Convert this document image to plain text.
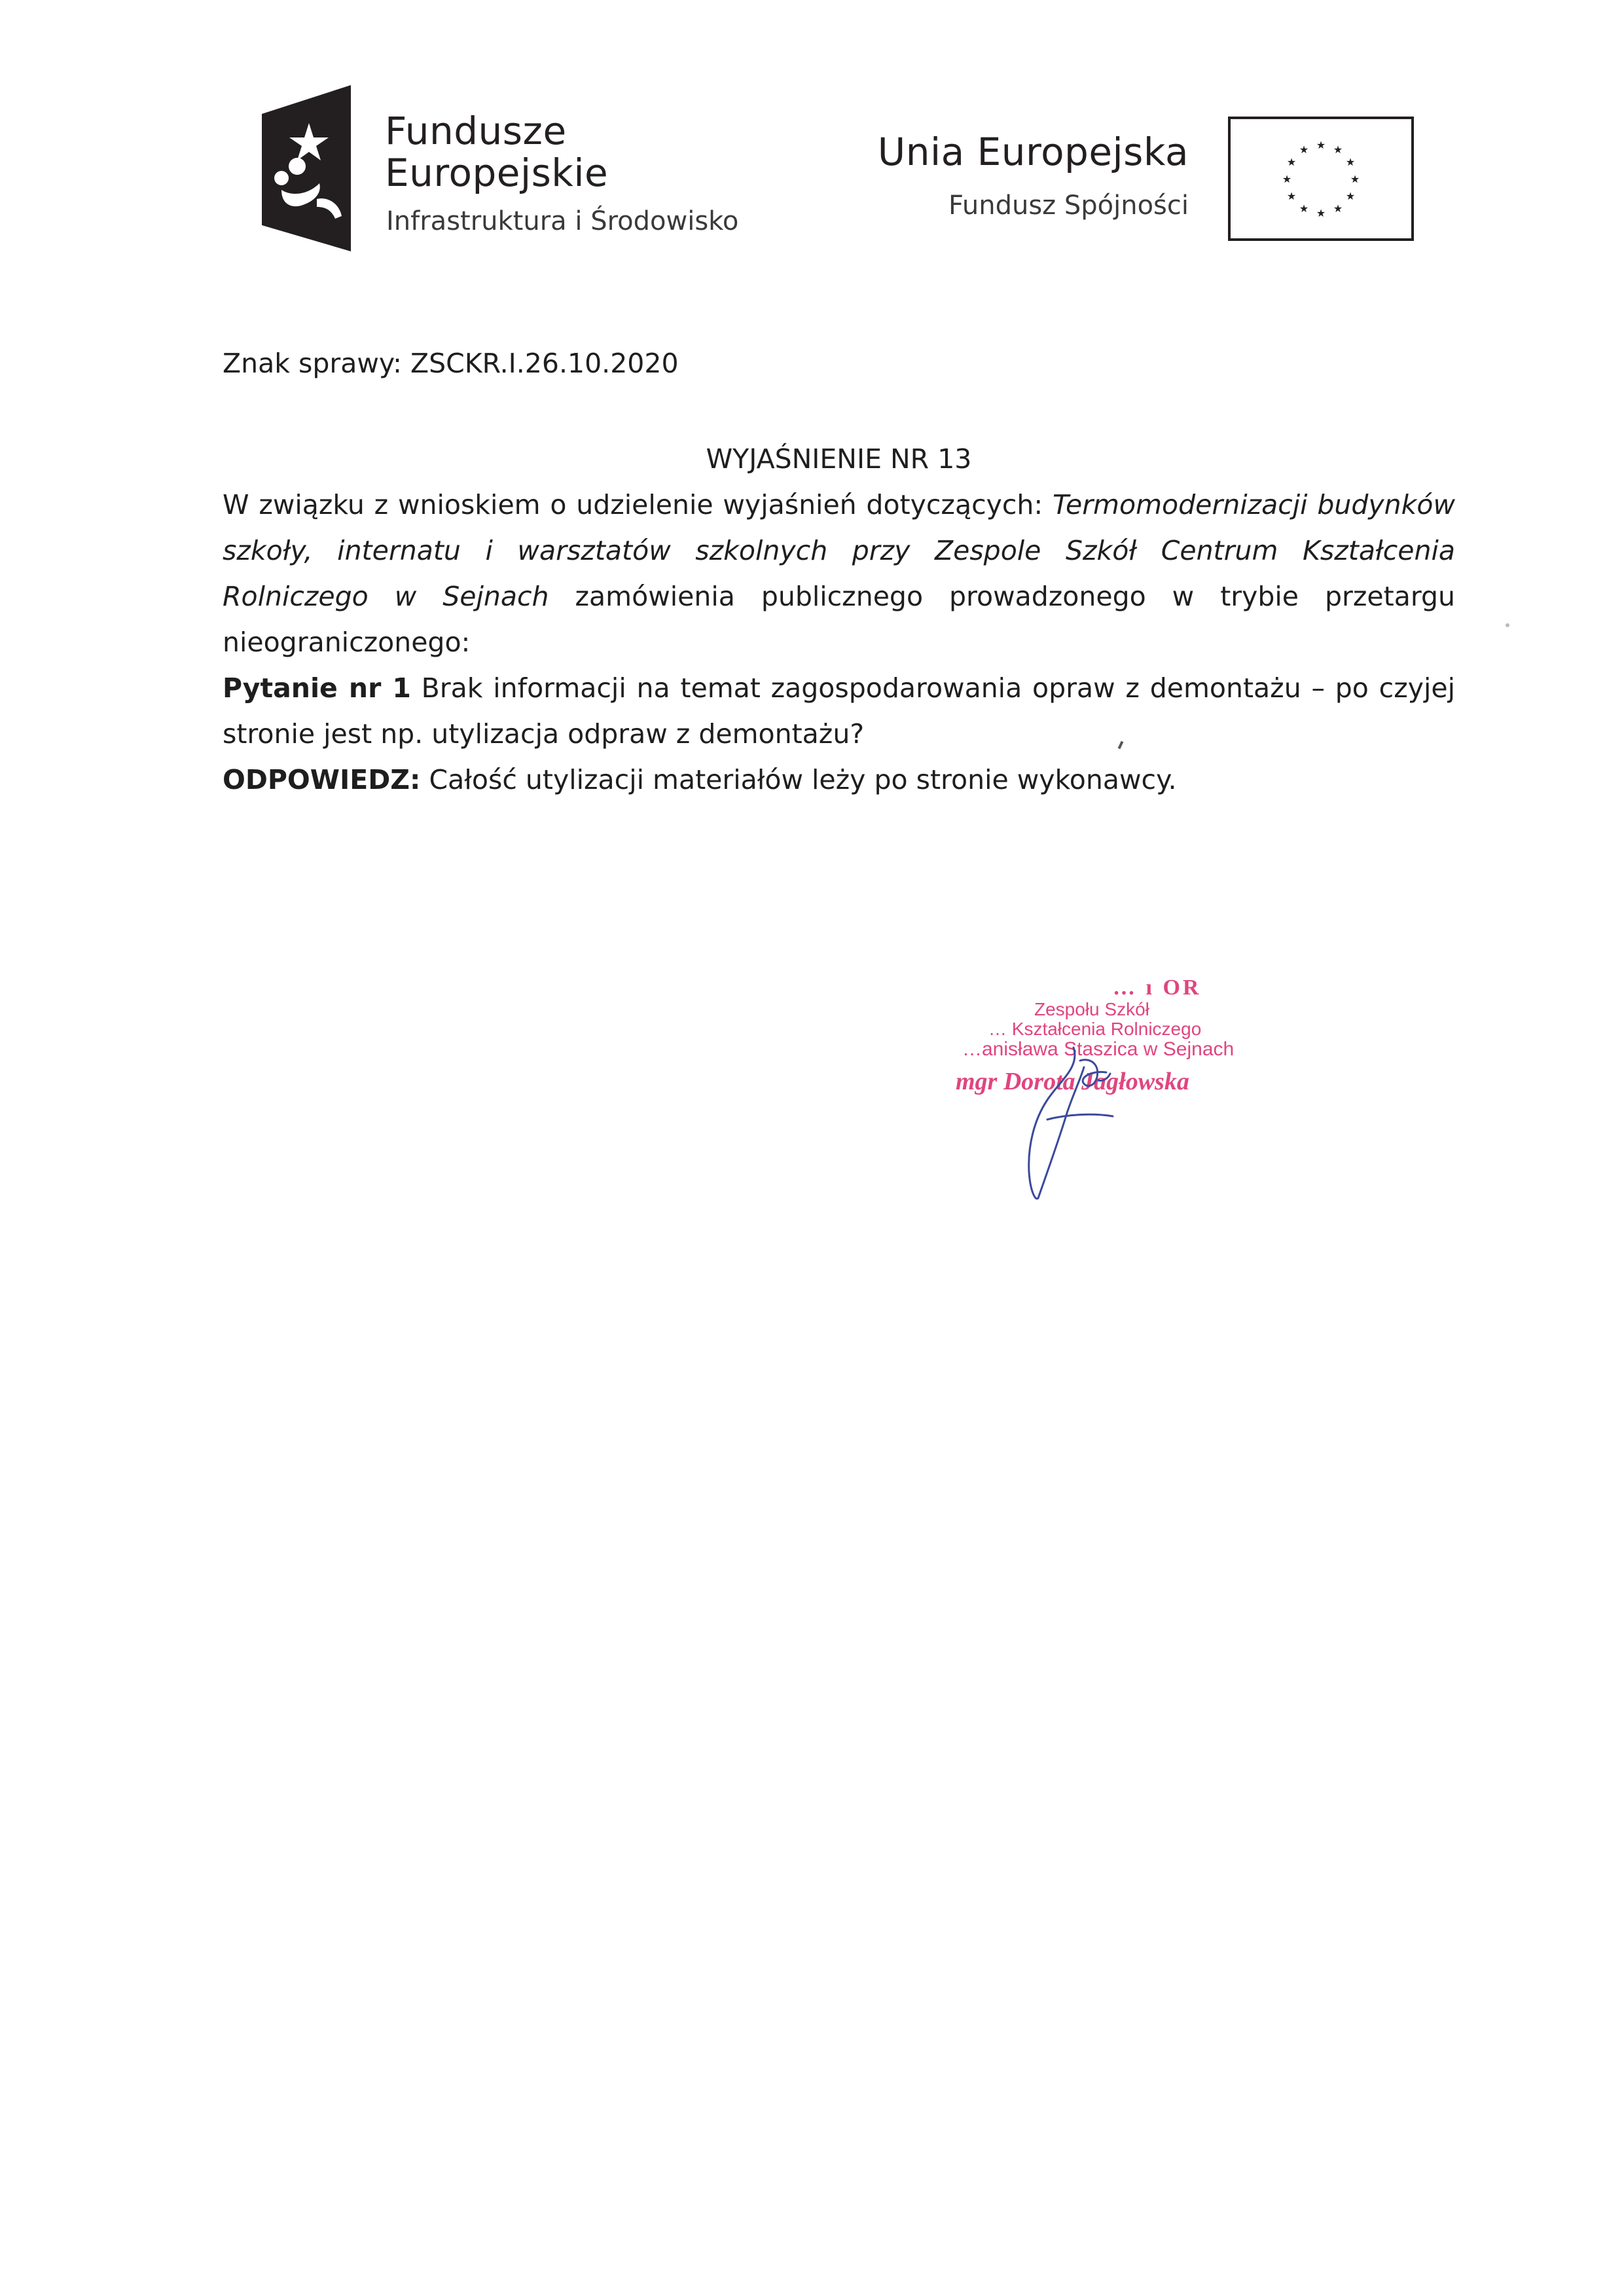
Fundusze
Europejskie
Infrastruktura i Środowisko
Unia Europejska
Fundusz Spójności
★ ★
★
★
★
★
★
★
★
★
★
★
Znak sprawy: ZSCKR.I.26.10.2020
WYJAŚNIENIE NR 13
W związku z wnioskiem o udzielenie wyjaśnień dotyczących: Termomodernizacji budynków szkoły, internatu i warsztatów szkolnych przy Zespole Szkół Centrum Kształcenia Rolniczego w Sejnach zamówienia publicznego prowadzonego w trybie przetargu nieograniczonego:
Pytanie nr 1 Brak informacji na temat zagospodarowania opraw z demontażu – po czyjej stronie jest np. utylizacja odpraw z demontażu?
ODPOWIEDZ: Całość utylizacji materiałów leży po stronie wykonawcy.
… ı OR
Zespołu Szkół
… Kształcenia Rolniczego
…anisława Staszica w Sejnach
mgr Dorota Jagłowska
